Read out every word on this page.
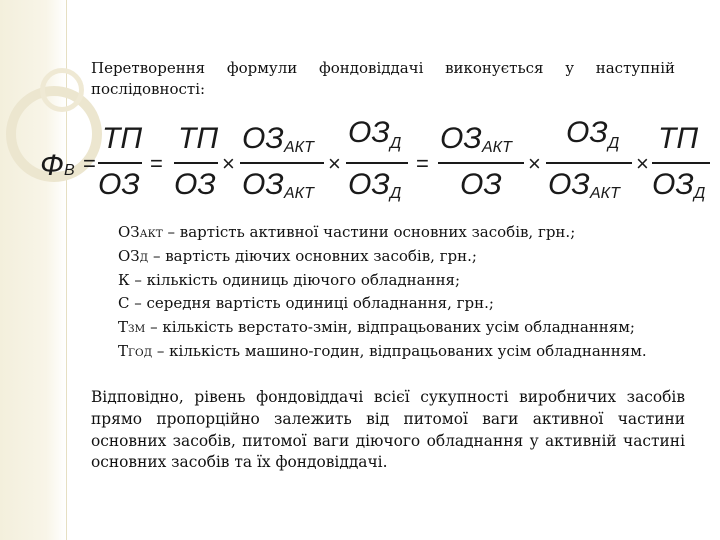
Перетворення формули фондовіддачі виконується у наступній послідовності:
Ф В =
ТП
ОЗ
=
ТП
ОЗ
×
ОЗ АКТ
ОЗ АКТ
×
ОЗ Д
ОЗ Д
=
ОЗ АКТ
ОЗ
×
ОЗ Д
ОЗ АКТ
×
ТП
ОЗ Д
ОЗАКТ – вартість активної частини основних засобів, грн.;
ОЗД – вартість діючих основних засобів, грн.;
К – кількість одиниць діючого обладнання;
С – середня вартість одиниці обладнання, грн.;
ТЗМ – кількість верстато-змін, відпрацьованих усім обладнанням;
ТГОД – кількість машино-годин, відпрацьованих усім обладнанням.
Відповідно, рівень фондовіддачі всієї сукупності виробничих засобів прямо пропорційно залежить від питомої ваги активної частини основних засобів, питомої ваги діючого обладнання у активній частині основних засобів та їх фондовіддачі.
